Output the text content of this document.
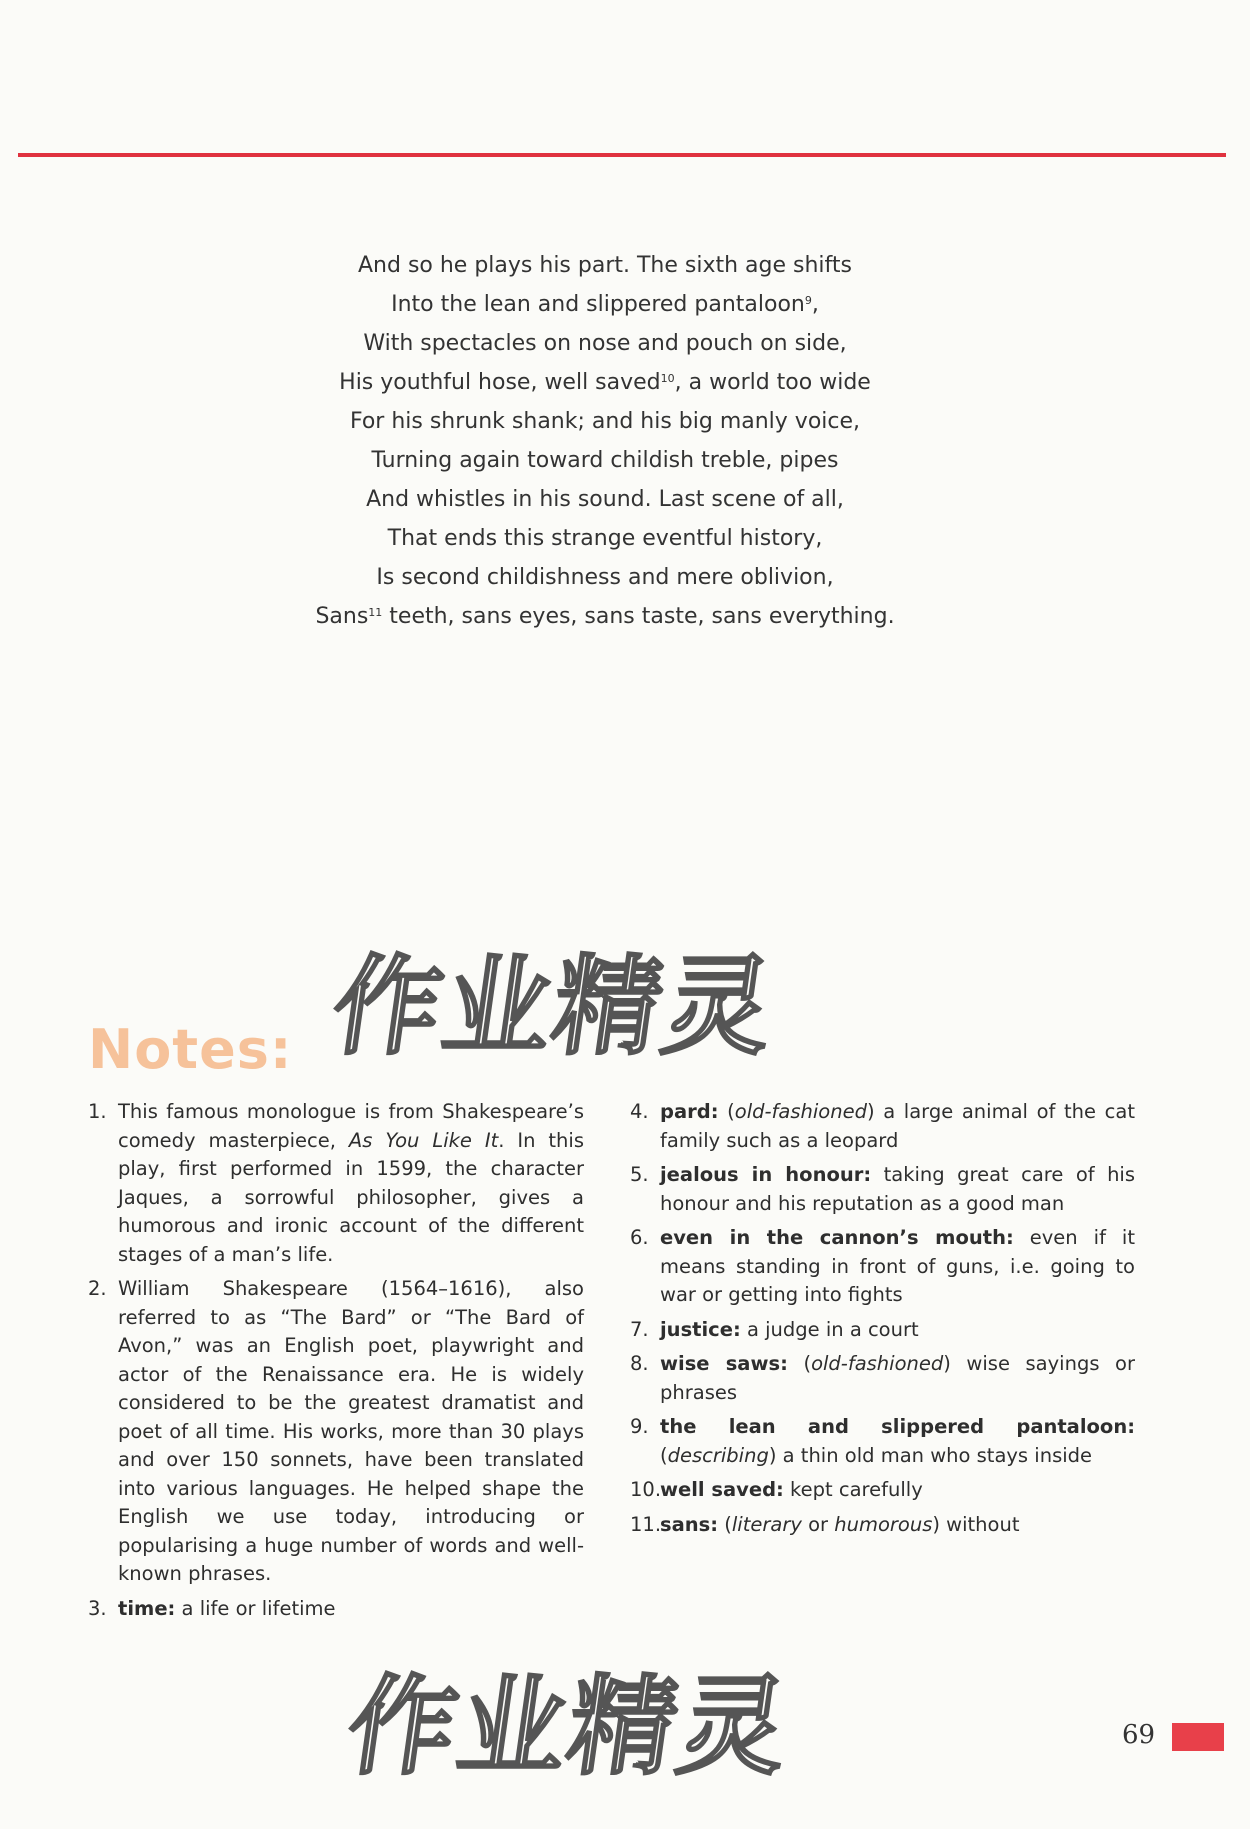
And so he plays his part. The sixth age shifts
Into the lean and slippered pantaloon$^9$,
With spectacles on nose and pouch on side,
His youthful hose, well saved$^{10}$, a world too wide
For his shrunk shank; and his big manly voice,
Turning again toward childish treble, pipes
And whistles in his sound. Last scene of all,
That ends this strange eventful history,
Is second childishness and mere oblivion,
Sans$^{11}$ teeth, sans eyes, sans taste, sans everything.
作业精灵
Notes:
1. This famous monologue is from Shakespeare’s comedy masterpiece, As You Like It. In this play, first performed in 1599, the character Jaques, a sorrowful philosopher, gives a humorous and ironic account of the different stages of a man’s life.
2. William Shakespeare (1564–1616), also referred to as “The Bard” or “The Bard of Avon,” was an English poet, playwright and actor of the Renaissance era. He is widely considered to be the greatest dramatist and poet of all time. His works, more than 30 plays and over 150 sonnets, have been translated into various languages. He helped shape the English we use today, introducing or popularising a huge number of words and well-known phrases.
3. time: a life or lifetime
4. pard: (old-fashioned) a large animal of the cat family such as a leopard
5. jealous in honour: taking great care of his honour and his reputation as a good man
6. even in the cannon’s mouth: even if it means standing in front of guns, i.e. going to war or getting into fights
7. justice: a judge in a court
8. wise saws: (old-fashioned) wise sayings or phrases
9. the lean and slippered pantaloon: (describing) a thin old man who stays inside
10.
well saved: kept carefully
11.
sans: (literary or humorous) without
作业精灵	69
